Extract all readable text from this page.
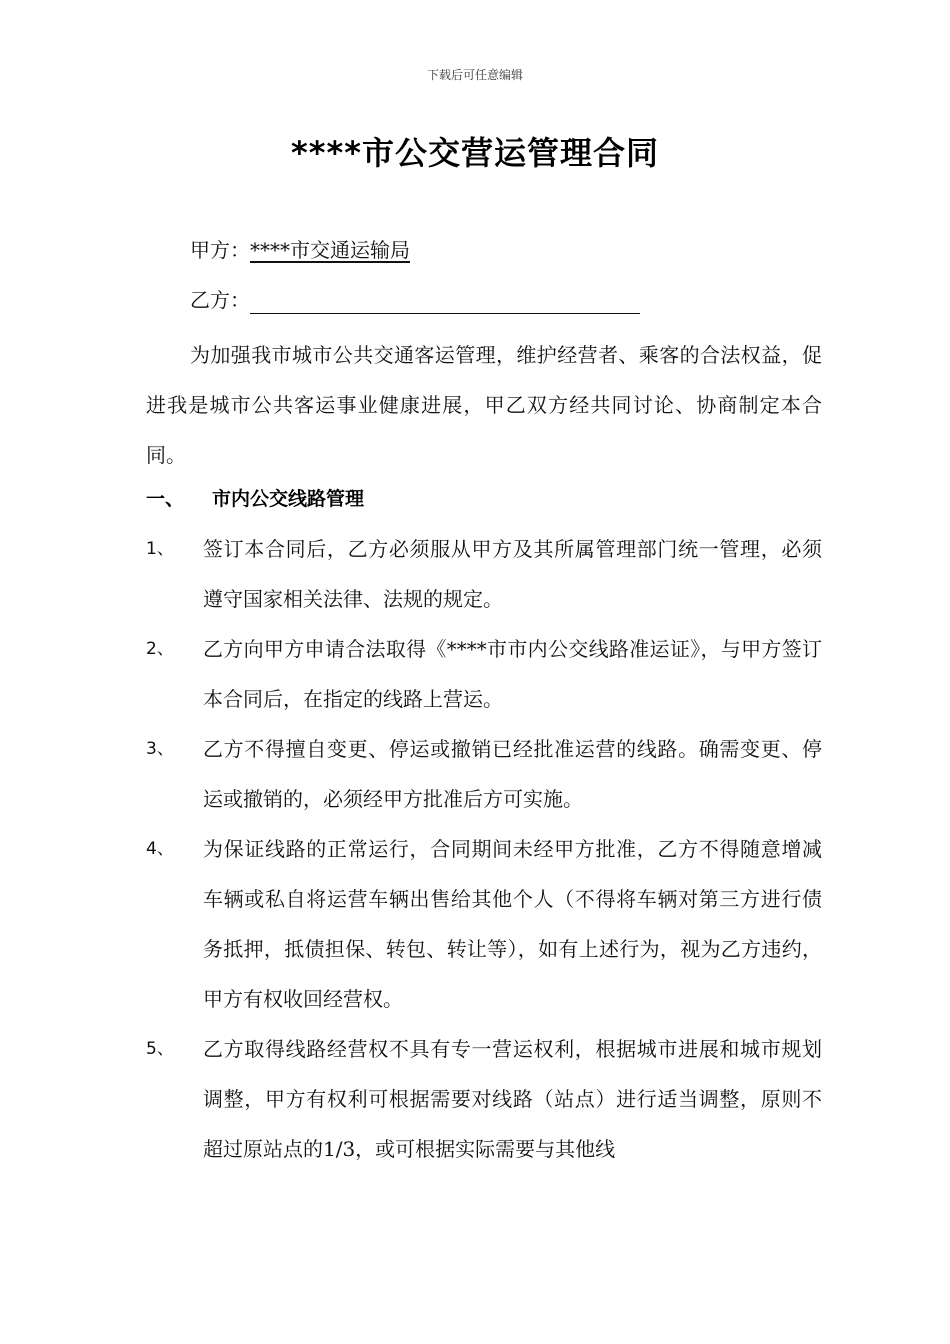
下载后可任意编辑
****市公交营运管理合同
甲方：****市交通运输局
乙方：
为加强我市城市公共交通客运管理，维护经营者、乘客的合法权益，促进我是城市公共客运事业健康进展，甲乙双方经共同讨论、协商制定本合同。
一、 市内公交线路管理
1、	签订本合同后，乙方必须服从甲方及其所属管理部门统一管理，必须遵守国家相关法律、法规的规定。
2、	乙方向甲方申请合法取得《****市市内公交线路准运证》，与甲方签订本合同后，在指定的线路上营运。
3、	乙方不得擅自变更、停运或撤销已经批准运营的线路。确需变更、停运或撤销的，必须经甲方批准后方可实施。
4、	为保证线路的正常运行，合同期间未经甲方批准，乙方不得随意增减车辆或私自将运营车辆出售给其他个人（不得将车辆对第三方进行债务抵押，抵债担保、转包、转让等），如有上述行为，视为乙方违约，甲方有权收回经营权。
5、	乙方取得线路经营权不具有专一营运权利，根据城市进展和城市规划调整，甲方有权利可根据需要对线路（站点）进行适当调整，原则不超过原站点的1/3，或可根据实际需要与其他线
